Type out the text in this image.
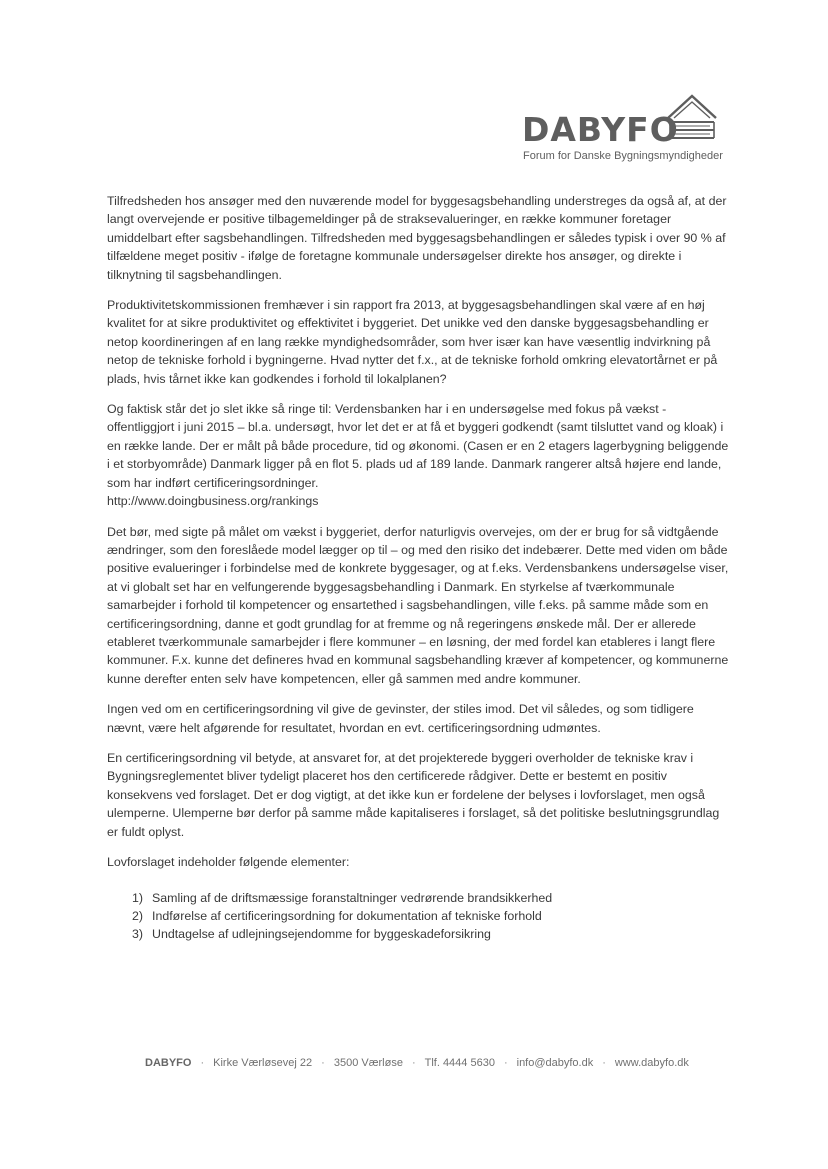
DABYFO
Forum for Danske Bygningsmyndigheder

Tilfredsheden hos ansøger med den nuværende model for byggesagsbehandling understreges da også af, at der langt overvejende er positive tilbagemeldinger på de straksevalueringer, en række kommuner foretager umiddelbart efter sagsbehandlingen. Tilfredsheden med byggesagsbehandlingen er således typisk i over 90 % af tilfældene meget positiv - ifølge de foretagne kommunale undersøgelser direkte hos ansøger, og direkte i tilknytning til sagsbehandlingen.

Produktivitetskommissionen fremhæver i sin rapport fra 2013, at byggesagsbehandlingen skal være af en høj kvalitet for at sikre produktivitet og effektivitet i byggeriet. Det unikke ved den danske byggesagsbehandling er netop koordineringen af en lang række myndighedsområder, som hver især kan have væsentlig indvirkning på netop de tekniske forhold i bygningerne. Hvad nytter det f.x., at de tekniske forhold omkring elevatortårnet er på plads, hvis tårnet ikke kan godkendes i forhold til lokalplanen?

Og faktisk står det jo slet ikke så ringe til: Verdensbanken har i en undersøgelse med fokus på vækst - offentliggjort i juni 2015 – bl.a. undersøgt, hvor let det er at få et byggeri godkendt (samt tilsluttet vand og kloak) i en række lande. Der er målt på både procedure, tid og økonomi. (Casen er en 2 etagers lagerbygning beliggende i et storbyområde) Danmark ligger på en flot 5. plads ud af 189 lande. Danmark rangerer altså højere end lande, som har indført certificeringsordninger.
http://www.doingbusiness.org/rankings

Det bør, med sigte på målet om vækst i byggeriet, derfor naturligvis overvejes, om der er brug for så vidtgående ændringer, som den foreslåede model lægger op til – og med den risiko det indebærer. Dette med viden om både positive evalueringer i forbindelse med de konkrete byggesager, og at f.eks. Verdensbankens undersøgelse viser, at vi globalt set har en velfungerende byggesagsbehandling i Danmark. En styrkelse af tværkommunale samarbejder i forhold til kompetencer og ensartethed i sagsbehandlingen, ville f.eks. på samme måde som en certificeringsordning, danne et godt grundlag for at fremme og nå regeringens ønskede mål. Der er allerede etableret tværkommunale samarbejder i flere kommuner – en løsning, der med fordel kan etableres i langt flere kommuner. F.x. kunne det defineres hvad en kommunal sagsbehandling kræver af kompetencer, og kommunerne kunne derefter enten selv have kompetencen, eller gå sammen med andre kommuner.

Ingen ved om en certificeringsordning vil give de gevinster, der stiles imod. Det vil således, og som tidligere nævnt, være helt afgørende for resultatet, hvordan en evt. certificeringsordning udmøntes.

En certificeringsordning vil betyde, at ansvaret for, at det projekterede byggeri overholder de tekniske krav i Bygningsreglementet bliver tydeligt placeret hos den certificerede rådgiver. Dette er bestemt en positiv konsekvens ved forslaget. Det er dog vigtigt, at det ikke kun er fordelene der belyses i lovforslaget, men også ulemperne. Ulemperne bør derfor på samme måde kapitaliseres i forslaget, så det politiske beslutningsgrundlag er fuldt oplyst.

Lovforslaget indeholder følgende elementer:

1) Samling af de driftsmæssige foranstaltninger vedrørende brandsikkerhed
2) Indførelse af certificeringsordning for dokumentation af tekniske forhold
3) Undtagelse af udlejningsejendomme for byggeskadeforsikring
DABYFO · Kirke Værløsevej 22 · 3500 Værløse · Tlf. 4444 5630 · info@dabyfo.dk · www.dabyfo.dk
